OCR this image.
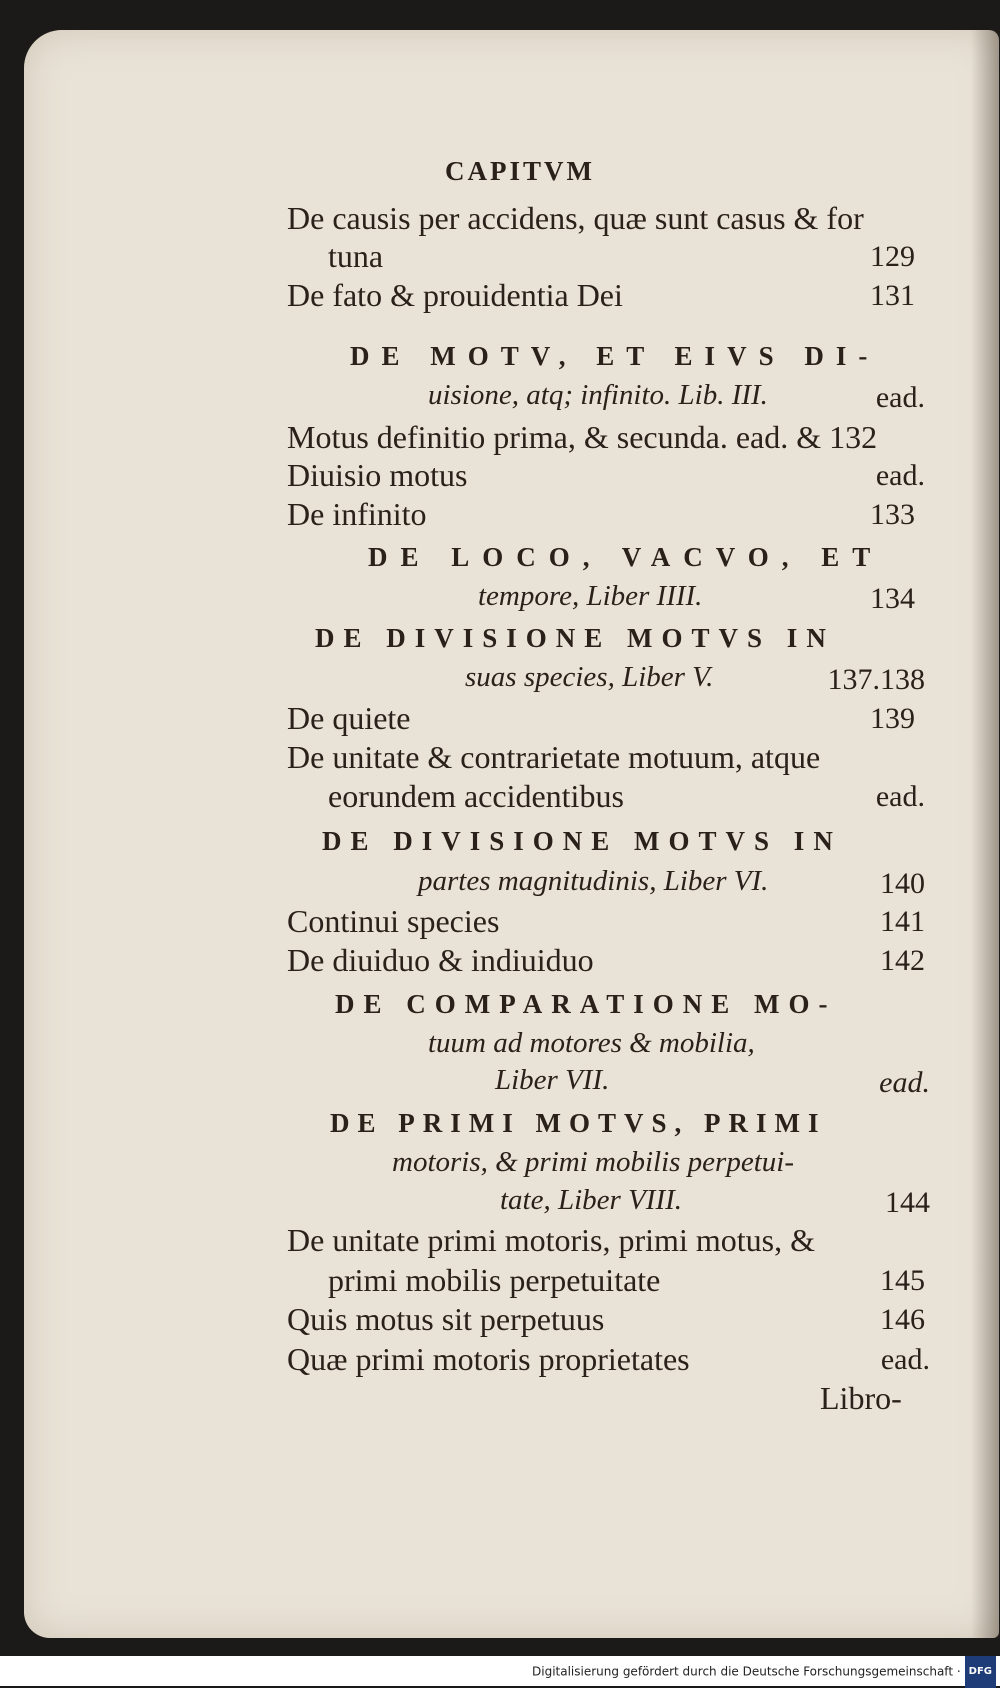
CAPITVM
De causis per accidens, quæ sunt casus & for
tuna	129
De fato & prouidentia Dei	131
DE MOTV, ET EIVS DI-
uisione, atq; infinito. Lib. III.	ead.
Motus definitio prima, & secunda. ead. & 132
Diuisio motus	ead.
De infinito	133
DE LOCO, VACVO, ET
tempore, Liber IIII.	134
DE DIVISIONE MOTVS IN
suas species, Liber V.	137.138
De quiete	139
De unitate & contrarietate motuum, atque
eorundem accidentibus	ead.
DE DIVISIONE MOTVS IN
partes magnitudinis, Liber VI.	140
Continui species	141
De diuiduo & indiuiduo	142
DE COMPARATIONE MO-
tuum ad motores & mobilia,
Liber VII.	ead.
DE PRIMI MOTVS, PRIMI
motoris, & primi mobilis perpetui-
tate, Liber VIII.	144
De unitate primi motoris, primi motus, &
primi mobilis perpetuitate	145
Quis motus sit perpetuus	146
Quæ primi motoris proprietates	ead.
Libro-
Digitalisierung gefördert durch die Deutsche Forschungsgemeinschaft · DFG
